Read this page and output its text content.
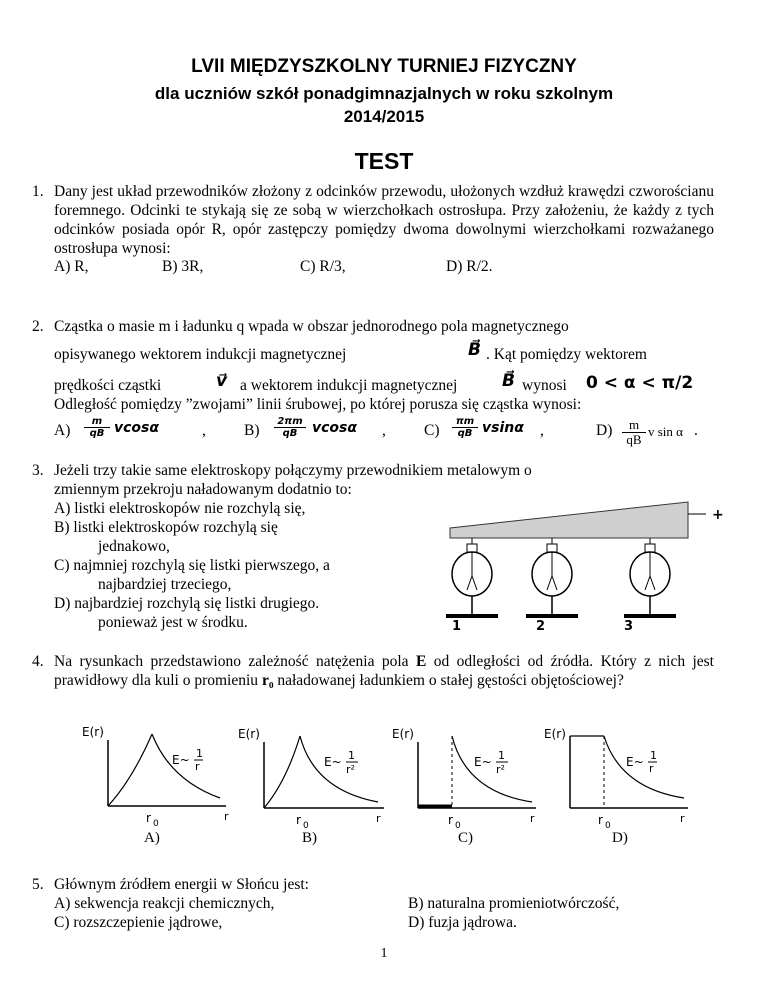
LVII MIĘDZYSZKOLNY TURNIEJ FIZYCZNY
dla uczniów szkół ponadgimnazjalnych w roku szkolnym
2014/2015
TEST
1. Dany jest układ przewodników złożony z odcinków przewodu, ułożonych wzdłuż krawędzi czworościanu foremnego. Odcinki te stykają się ze sobą w wierzchołkach ostrosłupa. Przy założeniu, że każdy z tych odcinków posiada opór R, opór zastępczy pomiędzy dwoma dowolnymi wierzchołkami rozważanego ostrosłupa wynosi:
A) R,	B) 3R,	C) R/3,	D) R/2.
2. Cząstka o masie m i ładunku q wpada w obszar jednorodnego pola magnetycznego
opisywanego wektorem indukcji magnetycznej	B⃗ . Kąt pomiędzy wektorem
prędkości cząstki	v⃗ a wektorem indukcji magnetycznej	B⃗ wynosi 0 < α < π/2
Odległość pomiędzy ”zwojami” linii śrubowej, po której porusza się cząstka wynosi:
$A) \frac{m}{qB}$ vcosα	, $B) \frac{2\pi m}{qB}$ vcosα , $C) \frac{\pi m}{qB}$ vsinα ,	$D) \frac{m}{qB}$ v sin α .
3. Jeżeli trzy takie same elektroskopy połączymy przewodnikiem metalowym o
zmiennym przekroju naładowanym dodatnio to:
A) listki elektroskopów nie rozchylą się,
B) listki elektroskopów rozchylą się
jednakowo,
C) najmniej rozchylą się listki pierwszego, a
najbardziej trzeciego,
D) najbardziej rozchylą się listki drugiego.
ponieważ jest w środku.
+
1	2	3
4. Na rysunkach przedstawiono zależność natężenia pola E od odległości od źródła. Który z nich jest prawidłowy dla kuli o promieniu r₀ naładowanej ładunkiem o stałej gęstości objętościowej?
E(r)
E~ 1
r
r 0
r
E(r)
E~ 1
r²
r 0
r
E(r)
E~ 1
r²
r 0
r
E(r)
E~ 1
r
r 0
r
A)	B)	C)	D)
5. Głównym źródłem energii w Słońcu jest:
A) sekwencja reakcji chemicznych,	B) naturalna promieniotwórczość,
C) rozszczepienie jądrowe,	D) fuzja jądrowa.
1
